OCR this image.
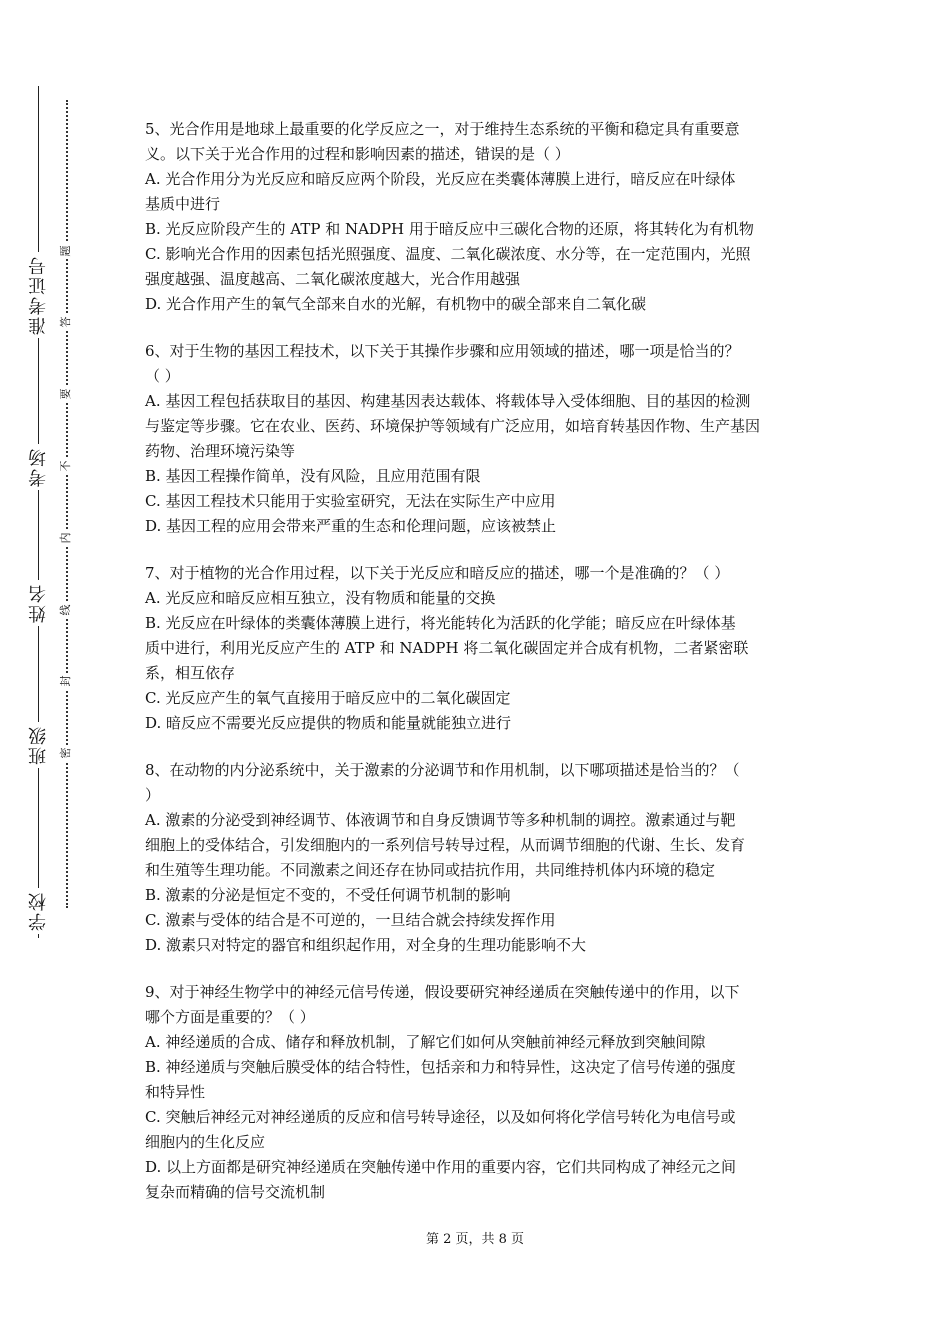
准考证号
考场
姓名
班级
学校
题
答
要
不
内
线
封
密
5、光合作用是地球上最重要的化学反应之一，对于维持生态系统的平衡和稳定具有重要意
义。以下关于光合作用的过程和影响因素的描述，错误的是（ ）
A. 光合作用分为光反应和暗反应两个阶段，光反应在类囊体薄膜上进行，暗反应在叶绿体
基质中进行
B. 光反应阶段产生的 ATP 和 NADPH 用于暗反应中三碳化合物的还原，将其转化为有机物
C. 影响光合作用的因素包括光照强度、温度、二氧化碳浓度、水分等，在一定范围内，光照
强度越强、温度越高、二氧化碳浓度越大，光合作用越强
D. 光合作用产生的氧气全部来自水的光解，有机物中的碳全部来自二氧化碳
6、对于生物的基因工程技术，以下关于其操作步骤和应用领域的描述，哪一项是恰当的？
（ ）
A. 基因工程包括获取目的基因、构建基因表达载体、将载体导入受体细胞、目的基因的检测
与鉴定等步骤。它在农业、医药、环境保护等领域有广泛应用，如培育转基因作物、生产基因
药物、治理环境污染等
B. 基因工程操作简单，没有风险，且应用范围有限
C. 基因工程技术只能用于实验室研究，无法在实际生产中应用
D. 基因工程的应用会带来严重的生态和伦理问题，应该被禁止
7、对于植物的光合作用过程，以下关于光反应和暗反应的描述，哪一个是准确的？（ ）
A. 光反应和暗反应相互独立，没有物质和能量的交换
B. 光反应在叶绿体的类囊体薄膜上进行，将光能转化为活跃的化学能；暗反应在叶绿体基
质中进行，利用光反应产生的 ATP 和 NADPH 将二氧化碳固定并合成有机物，二者紧密联
系，相互依存
C. 光反应产生的氧气直接用于暗反应中的二氧化碳固定
D. 暗反应不需要光反应提供的物质和能量就能独立进行
8、在动物的内分泌系统中，关于激素的分泌调节和作用机制，以下哪项描述是恰当的？（
）
A. 激素的分泌受到神经调节、体液调节和自身反馈调节等多种机制的调控。激素通过与靶
细胞上的受体结合，引发细胞内的一系列信号转导过程，从而调节细胞的代谢、生长、发育
和生殖等生理功能。不同激素之间还存在协同或拮抗作用，共同维持机体内环境的稳定
B. 激素的分泌是恒定不变的，不受任何调节机制的影响
C. 激素与受体的结合是不可逆的，一旦结合就会持续发挥作用
D. 激素只对特定的器官和组织起作用，对全身的生理功能影响不大
9、对于神经生物学中的神经元信号传递，假设要研究神经递质在突触传递中的作用，以下
哪个方面是重要的？（ ）
A. 神经递质的合成、储存和释放机制，了解它们如何从突触前神经元释放到突触间隙
B. 神经递质与突触后膜受体的结合特性，包括亲和力和特异性，这决定了信号传递的强度
和特异性
C. 突触后神经元对神经递质的反应和信号转导途径，以及如何将化学信号转化为电信号或
细胞内的生化反应
D. 以上方面都是研究神经递质在突触传递中作用的重要内容，它们共同构成了神经元之间
复杂而精确的信号交流机制
第 2 页，共 8 页
